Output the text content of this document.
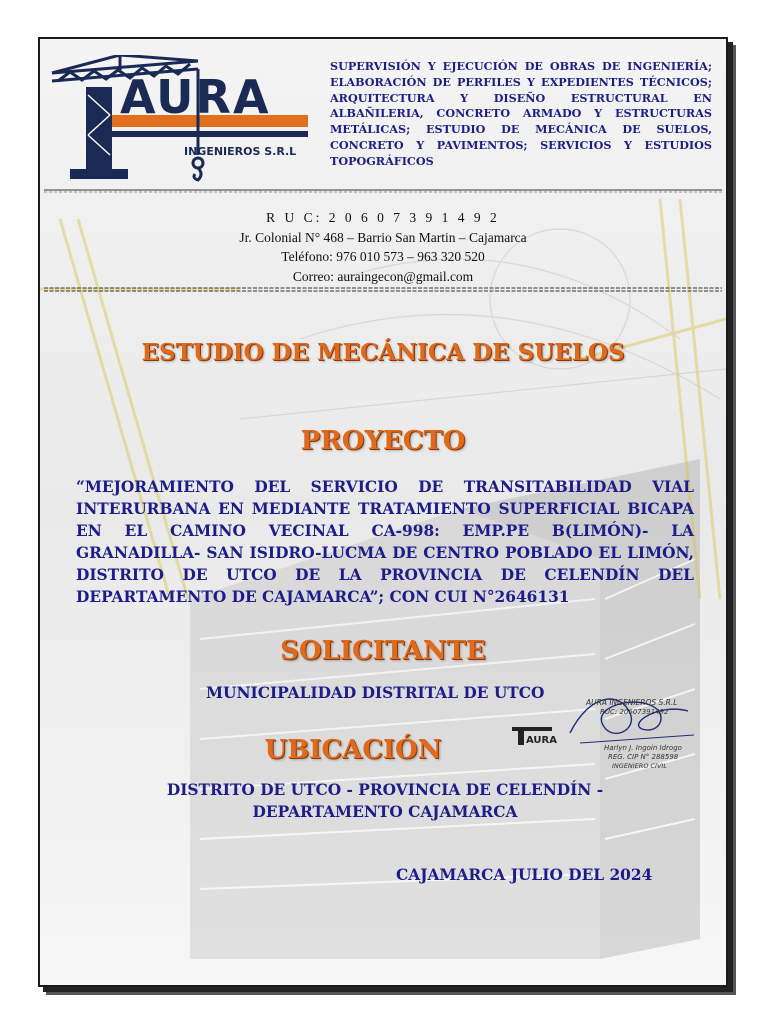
AURA
INGENIEROS S.R.L

SUPERVISIÓN Y EJECUCIÓN DE OBRAS DE INGENIERÍA; ELABORACIÓN DE PERFILES Y EXPEDIENTES TÉCNICOS; ARQUITECTURA Y DISEÑO ESTRUCTURAL EN ALBAÑILERIA, CONCRETO ARMADO Y ESTRUCTURAS METÁLICAS; ESTUDIO DE MECÁNICA DE SUELOS, CONCRETO Y PAVIMENTOS; SERVICIOS Y ESTUDIOS TOPOGRÁFICOS

R U C: 2 0 6 0 7 3 9 1 4 9 2
Jr. Colonial N° 468 – Barrio San Martin – Cajamarca
Teléfono: 976 010 573 – 963 320 520
Correo: auraingecon@gmail.com
ESTUDIO DE MECÁNICA DE SUELOS
PROYECTO

“MEJORAMIENTO DEL SERVICIO DE TRANSITABILIDAD VIAL INTERURBANA EN MEDIANTE TRATAMIENTO SUPERFICIAL BICAPA EN EL CAMINO VECINAL CA-998: EMP.PE B(LIMÓN)- LA GRANADILLA- SAN ISIDRO-LUCMA DE CENTRO POBLADO EL LIMÓN, DISTRITO DE UTCO DE LA PROVINCIA DE CELENDÍN DEL DEPARTAMENTO DE CAJAMARCA”; CON CUI N°2646131

SOLICITANTE

MUNICIPALIDAD DISTRITAL DE UTCO

UBICACIÓN

DISTRITO DE UTCO - PROVINCIA DE CELENDÍN -

DEPARTAMENTO CAJAMARCA

CAJAMARCA JULIO DEL 2024

AURA
AURA INGENIEROS S.R.L
RUC: 20607391492
Harlyn J. Ingoin Idrogo
REG. CIP N° 288598
INGENIERO CIVIL
